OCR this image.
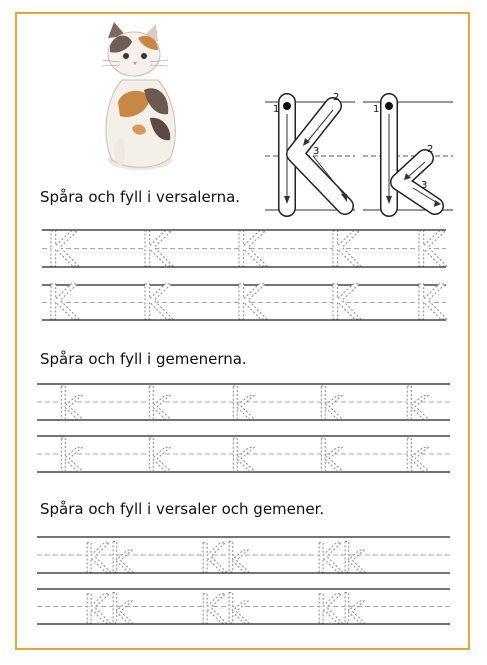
1
2
3
1
2
3
Spåra och fyll i versalerna.
Spåra och fyll i gemenerna.
Spåra och fyll i versaler och gemener.
K K K K K
K K K K K
k k k k k
k k k k k
Kk Kk Kk
Kk Kk Kk
